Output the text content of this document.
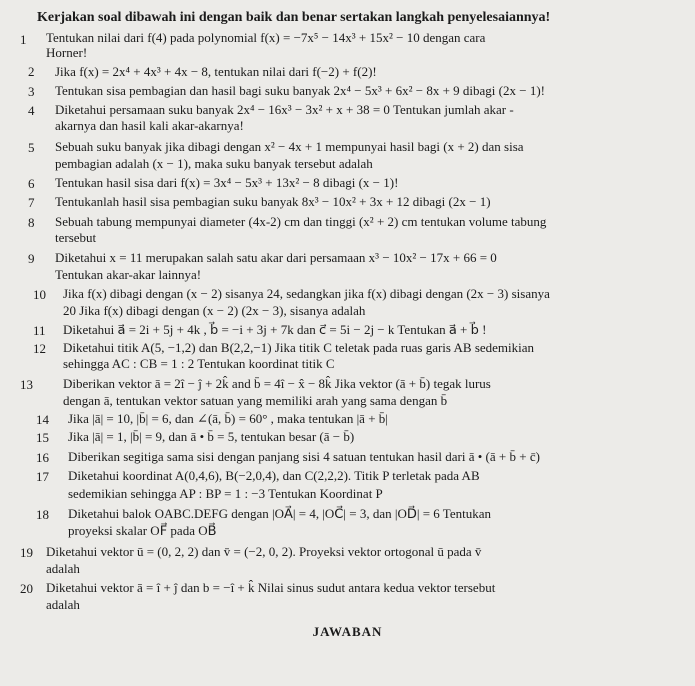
Kerjakan soal dibawah ini dengan baik dan benar sertakan langkah penyelesaiannya!
1 Tentukan nilai dari f(4) pada polynomial f(x) = −7x⁵ − 14x³ + 15x² − 10 dengan cara
Horner!
2 Jika f(x) = 2x⁴ + 4x³ + 4x − 8, tentukan nilai dari f(−2) + f(2)!
3 Tentukan sisa pembagian dan hasil bagi suku banyak 2x⁴ − 5x³ + 6x² − 8x + 9 dibagi (2x − 1)!
4 Diketahui persamaan suku banyak 2x⁴ − 16x³ − 3x² + x + 38 = 0 Tentukan jumlah akar -
akarnya dan hasil kali akar-akarnya!
5 Sebuah suku banyak jika dibagi dengan x² − 4x + 1 mempunyai hasil bagi (x + 2) dan sisa
pembagian adalah (x − 1), maka suku banyak tersebut adalah
6 Tentukan hasil sisa dari f(x) = 3x⁴ − 5x³ + 13x² − 8 dibagi (x − 1)!
7 Tentukanlah hasil sisa pembagian suku banyak 8x³ − 10x² + 3x + 12 dibagi (2x − 1)
8 Sebuah tabung mempunyai diameter (4x-2) cm dan tinggi (x² + 2) cm tentukan volume tabung
tersebut
9 Diketahui x = 11 merupakan salah satu akar dari persamaan x³ − 10x² − 17x + 66 = 0
Tentukan akar-akar lainnya!
10 Jika f(x) dibagi dengan (x − 2) sisanya 24, sedangkan jika f(x) dibagi dengan (2x − 3) sisanya
20 Jika f(x) dibagi dengan (x − 2) (2x − 3), sisanya adalah
11 Diketahui a⃗ = 2i + 5j + 4k , b⃗ = −i + 3j + 7k dan c⃗ = 5i − 2j − k Tentukan a⃗ + b⃗ !
12 Diketahui titik A(5, −1,2) dan B(2,2,−1) Jika titik C teletak pada ruas garis AB sedemikian
sehingga AC : CB = 1 : 2 Tentukan koordinat titik C
13 Diberikan vektor ā = 2î − ĵ + 2k̂ and b̄ = 4î − x̂ − 8k̂ Jika vektor (ā + b̄) tegak lurus
dengan ā, tentukan vektor satuan yang memiliki arah yang sama dengan b̄
14 Jika |ā| = 10, |b̄| = 6, dan ∠(ā, b̄) = 60° , maka tentukan |ā + b̄|
15 Jika |ā| = 1, |b̄| = 9, dan ā • b̄ = 5, tentukan besar (ā − b̄)
16 Diberikan segitiga sama sisi dengan panjang sisi 4 satuan tentukan hasil dari ā • (ā + b̄ + c̄)
17 Diketahui koordinat A(0,4,6), B(−2,0,4), dan C(2,2,2). Titik P terletak pada AB
sedemikian sehingga AP : BP = 1 : −3 Tentukan Koordinat P
18 Diketahui balok OABC.DEFG dengan |OA⃗| = 4, |OC⃗| = 3, dan |OD⃗| = 6 Tentukan
proyeksi skalar OF⃗ pada OB⃗
19 Diketahui vektor ū = (0, 2, 2) dan v̄ = (−2, 0, 2). Proyeksi vektor ortogonal ū pada v̄
adalah
20 Diketahui vektor ā = î + ĵ dan b = −î + k̂ Nilai sinus sudut antara kedua vektor tersebut
adalah
JAWABAN
